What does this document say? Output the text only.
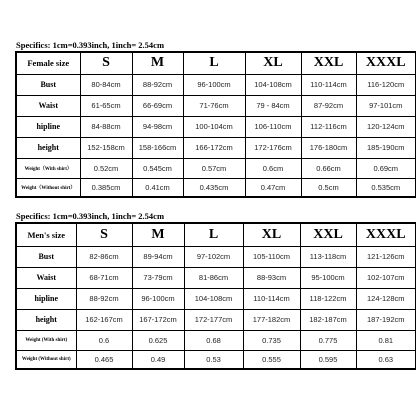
Specifics: 1cm=0.393inch, 1inch= 2.54cm
Female size	S	M	L	XL	XXL	XXXL
Bust	80-84cm	88-92cm	96-100cm	104-108cm	110-114cm	116-120cm
Waist	61-65cm	66-69cm	71-76cm	79 - 84cm	87-92cm	97-101cm
hipline	84-88cm	94-98cm	100-104cm	106-110cm	112-116cm	120-124cm
height	152-158cm	158-166cm	166-172cm	172-176cm	176-180cm	185-190cm
Weight（With shirt）	0.52cm	0.545cm	0.57cm	0.6cm	0.66cm	0.69cm
Weight（Without shirt）	0.385cm	0.41cm	0.435cm	0.47cm	0.5cm	0.535cm
Specifics: 1cm=0.393inch, 1inch= 2.54cm
Men's size	S	M	L	XL	XXL	XXXL
Bust	82-86cm	89-94cm	97-102cm	105-110cm	113-118cm	121-126cm
Waist	68-71cm	73-79cm	81-86cm	88-93cm	95-100cm	102-107cm
hipline	88-92cm	96-100cm	104-108cm	110-114cm	118-122cm	124-128cm
height	162-167cm	167-172cm	172-177cm	177-182cm	182-187cm	187-192cm
Weight (With shirt)	0.6	0.625	0.68	0.735	0.775	0.81
Weight (Without shirt)	0.465	0.49	0.53	0.555	0.595	0.63
